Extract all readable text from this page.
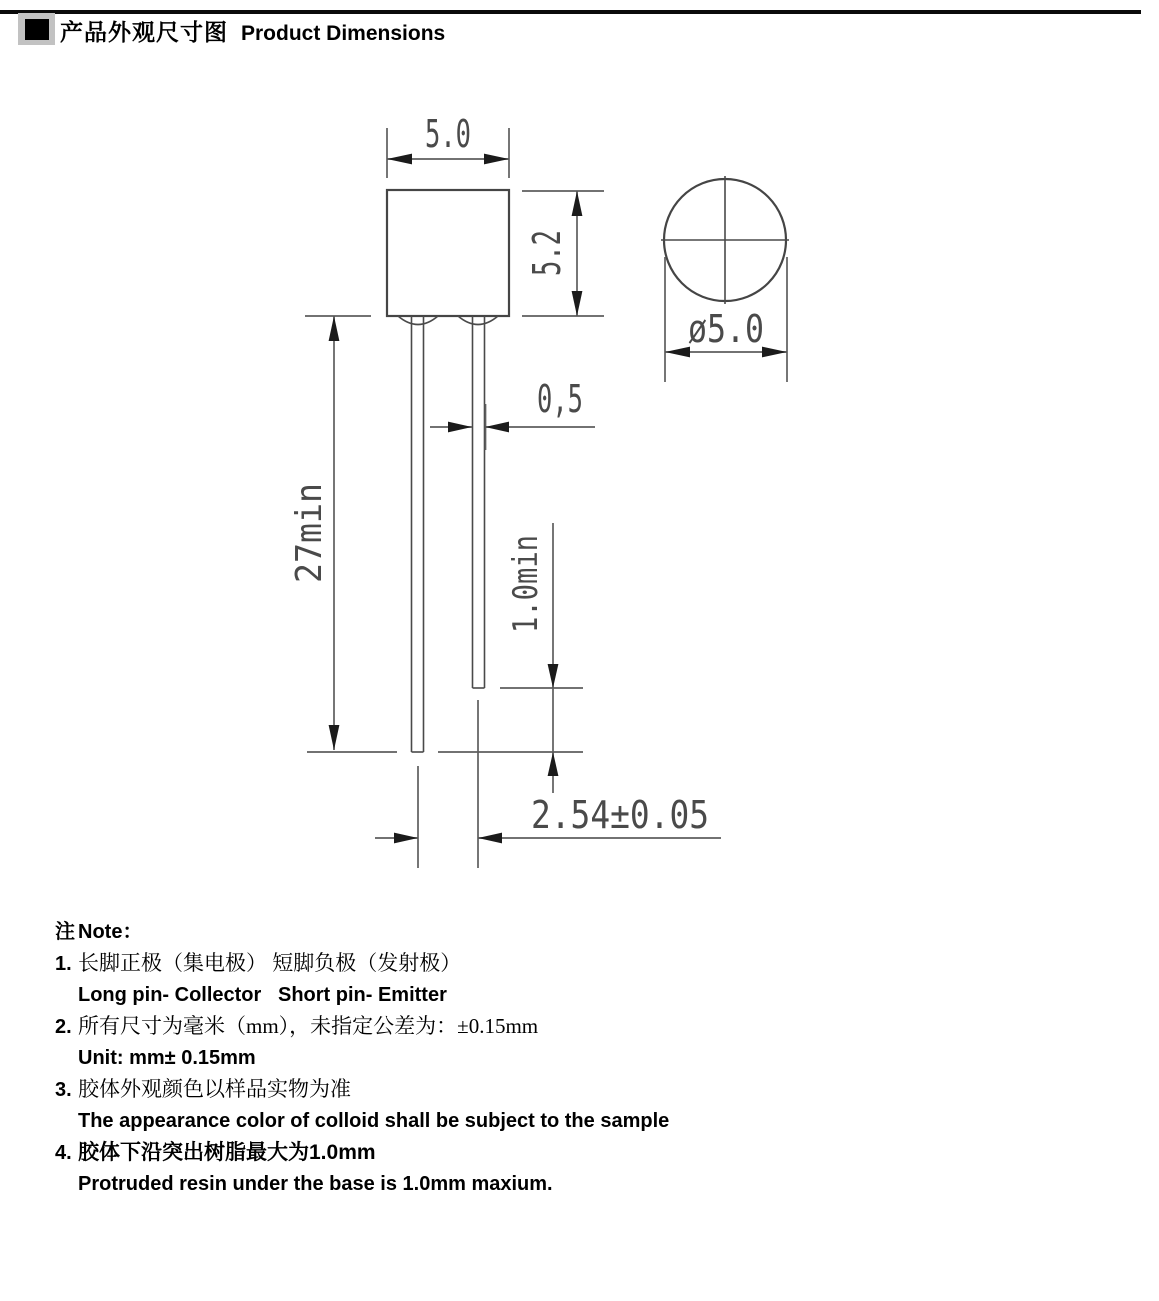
产品外观尺寸图 Product Dimensions
5.0
5.2
27min
0,5
1.0min
2.54±0.05
ø5.0
注 Note：
1. 长脚正极（集电极） 短脚负极（发射极）
Long pin- Collector   Short pin- Emitter
2. 所有尺寸为毫米（mm），未指定公差为：±0.15mm
Unit: mm± 0.15mm
3. 胶体外观颜色以样品实物为准
The appearance color of colloid shall be subject to the sample
4. 胶体下沿突出树脂最大为1.0mm
Protruded resin under the base is 1.0mm maxium.
